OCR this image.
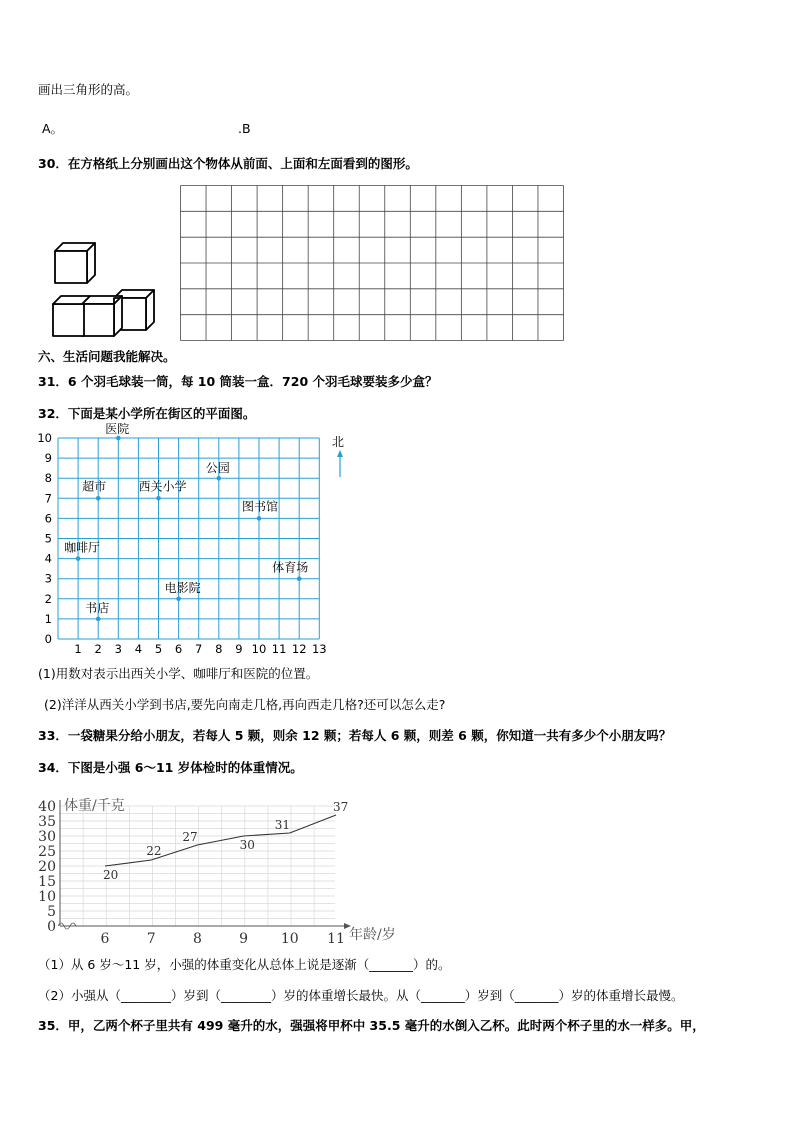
画出三角形的高。
A。	.B
30．在方格纸上分别画出这个物体从前面、上面和左面看到的图形。
六、生活问题我能解决。
31．6 个羽毛球装一筒，每 10 筒装一盒．720 个羽毛球要装多少盒？
32．下面是某小学所在街区的平面图。
1 2 3 4 5 6 7 8 9 10 11 12 13
0
1
2
3
4
5
6
7
8
9
10	北
医院
公园
超市	西关小学
图书馆
咖啡厅
体育场
电影院
书店
(1)用数对表示出西关小学、咖啡厅和医院的位置。
(2)洋洋从西关小学到书店,要先向南走几格,再向西走几格?还可以怎么走?
33．一袋糖果分给小朋友，若每人 5 颗，则余 12 颗；若每人 6 颗，则差 6 颗，你知道一共有多少个小朋友吗？
34．下图是小强 6～11 岁体检时的体重情况。
0
5
10
15
20
25
30
35
40
6	7	8	9 10 11
体重/千克
年龄/岁
20
22
27
30
31
37
（1）从 6 岁～11 岁，小强的体重变化从总体上说是逐渐（_______）的。
（2）小强从（________）岁到（________）岁的体重增长最快。从（_______）岁到（_______）岁的体重增长最慢。
35．甲，乙两个杯子里共有 499 毫升的水，强强将甲杯中 35.5 毫升的水倒入乙杯。此时两个杯子里的水一样多。甲，
